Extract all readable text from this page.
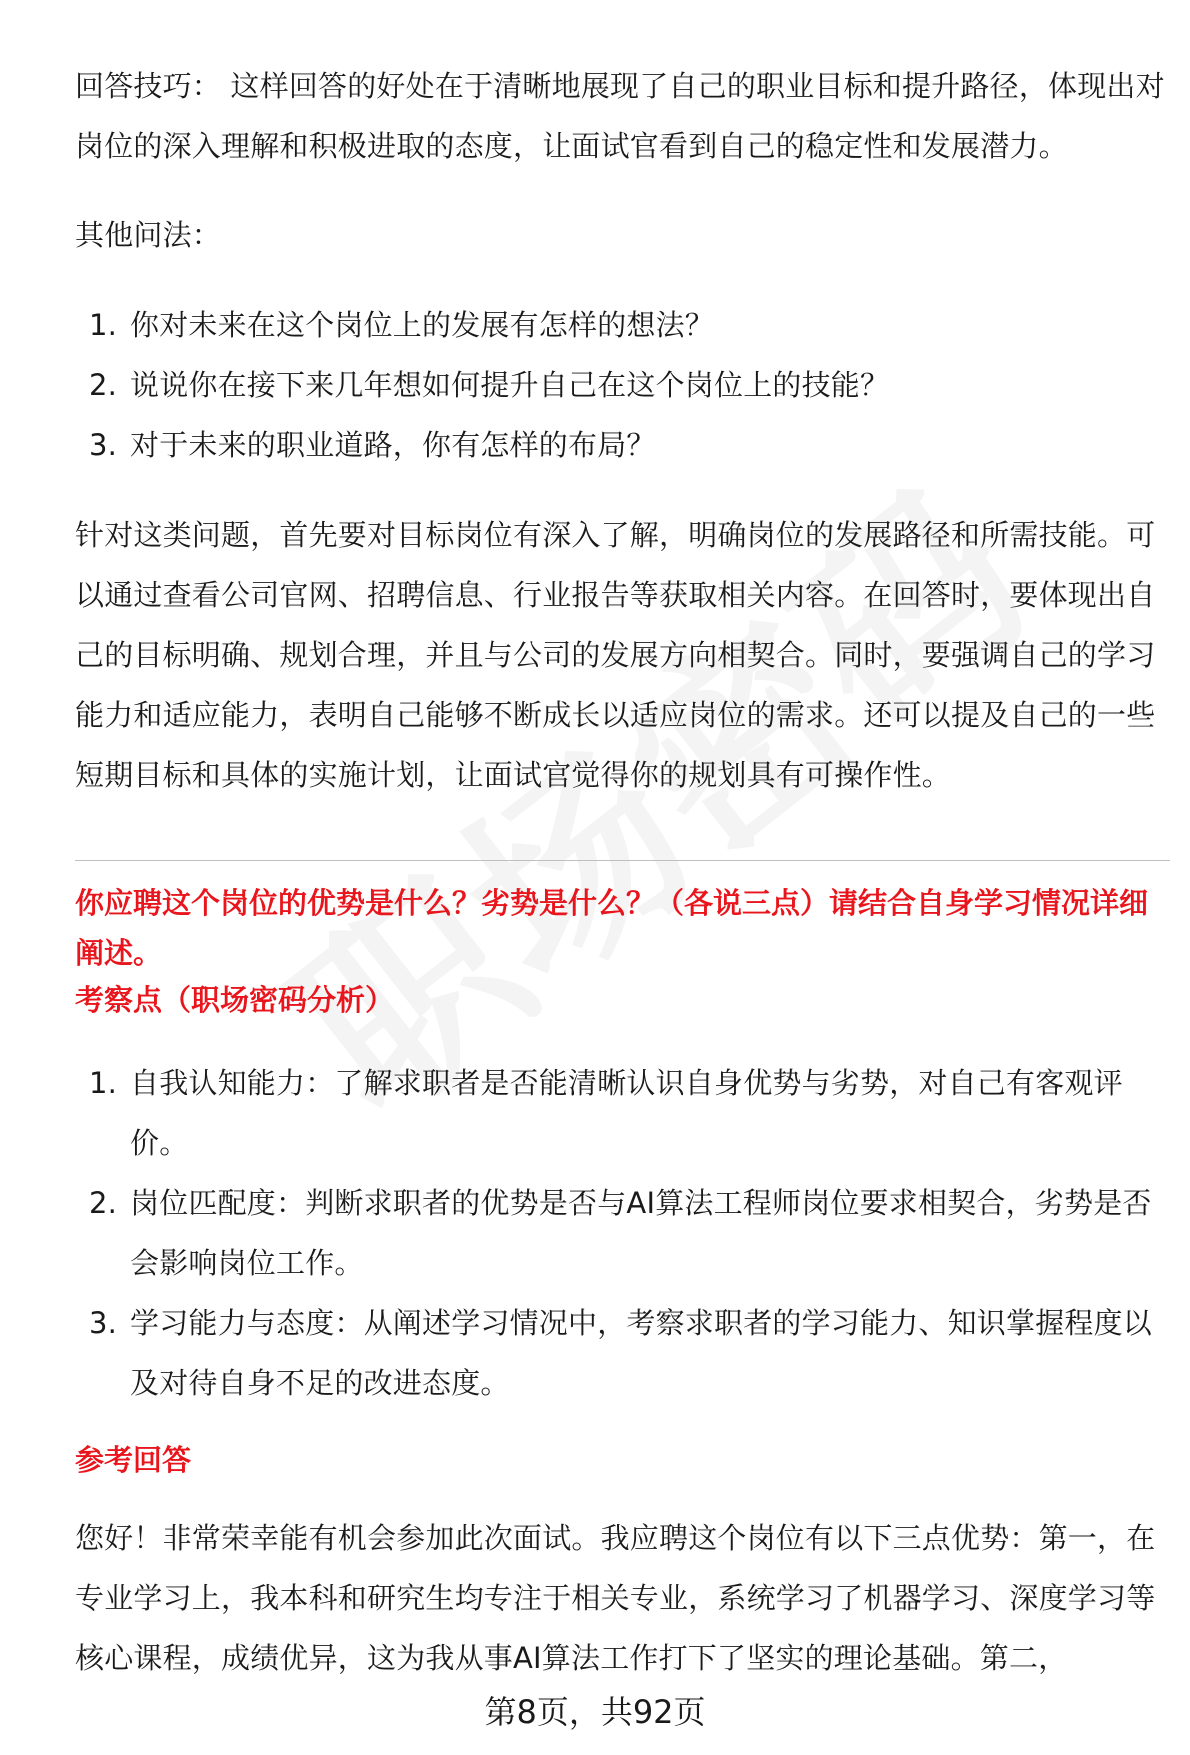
回答技巧： 这样回答的好处在于清晰地展现了自己的职业目标和提升路径，体现出对岗位的深入理解和积极进取的态度，让面试官看到自己的稳定性和发展潜力。

其他问法：

1. 你对未来在这个岗位上的发展有怎样的想法？
2. 说说你在接下来几年想如何提升自己在这个岗位上的技能？
3. 对于未来的职业道路，你有怎样的布局？

针对这类问题，首先要对目标岗位有深入了解，明确岗位的发展路径和所需技能。可以通过查看公司官网、招聘信息、行业报告等获取相关内容。在回答时，要体现出自己的目标明确、规划合理，并且与公司的发展方向相契合。同时，要强调自己的学习能力和适应能力，表明自己能够不断成长以适应岗位的需求。还可以提及自己的一些短期目标和具体的实施计划，让面试官觉得你的规划具有可操作性。

你应聘这个岗位的优势是什么？劣势是什么？（各说三点）请结合自身学习情况详细阐述。

考察点（职场密码分析）

1. 自我认知能力：了解求职者是否能清晰认识自身优势与劣势，对自己有客观评价。
2. 岗位匹配度：判断求职者的优势是否与AI算法工程师岗位要求相契合，劣势是否会影响岗位工作。
3. 学习能力与态度：从阐述学习情况中，考察求职者的学习能力、知识掌握程度以及对待自身不足的改进态度。

参考回答

您好！非常荣幸能有机会参加此次面试。我应聘这个岗位有以下三点优势：第一，在专业学习上，我本科和研究生均专注于相关专业，系统学习了机器学习、深度学习等核心课程，成绩优异，这为我从事AI算法工作打下了坚实的理论基础。第二，

第8页，共92页
